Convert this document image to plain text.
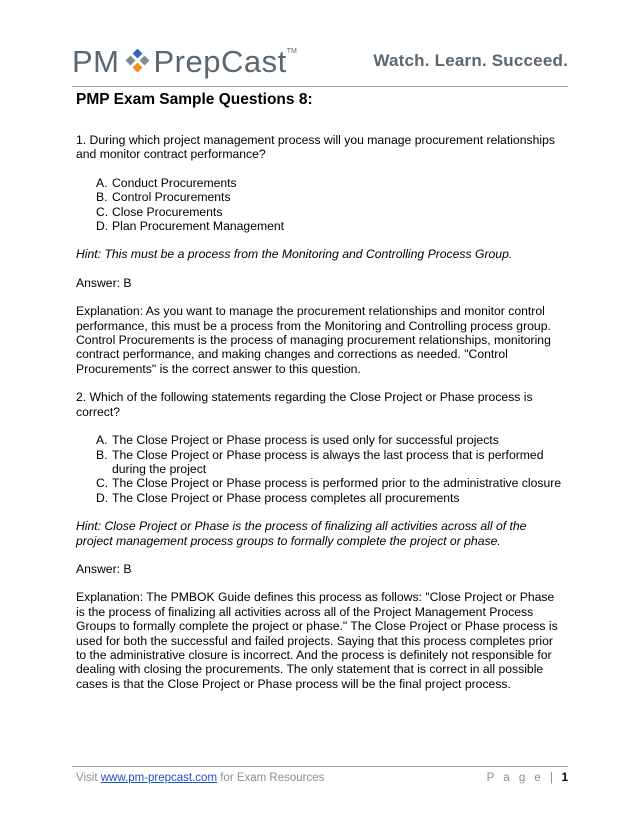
PM PrepCast TM	Watch. Learn. Succeed.
PMP Exam Sample Questions 8:

1. During which project management process will you manage procurement relationships and monitor contract performance?

A. Conduct Procurements
B. Control Procurements
C. Close Procurements
D. Plan Procurement Management

Hint: This must be a process from the Monitoring and Controlling Process Group.

Answer: B

Explanation: As you want to manage the procurement relationships and monitor control performance, this must be a process from the Monitoring and Controlling process group. Control Procurements is the process of managing procurement relationships, monitoring contract performance, and making changes and corrections as needed. "Control Procurements" is the correct answer to this question.

2. Which of the following statements regarding the Close Project or Phase process is correct?

A. The Close Project or Phase process is used only for successful projects
B. The Close Project or Phase process is always the last process that is performed during the project
C. The Close Project or Phase process is performed prior to the administrative closure
D. The Close Project or Phase process completes all procurements

Hint: Close Project or Phase is the process of finalizing all activities across all of the project management process groups to formally complete the project or phase.

Answer: B

Explanation: The PMBOK Guide defines this process as follows: "Close Project or Phase is the process of finalizing all activities across all of the Project Management Process Groups to formally complete the project or phase." The Close Project or Phase process is used for both the successful and failed projects. Saying that this process completes prior to the administrative closure is incorrect. And the process is definitely not responsible for dealing with closing the procurements. The only statement that is correct in all possible cases is that the Close Project or Phase process will be the final project process.

Visit www.pm-prepcast.com for Exam Resources	P a g e | 1
